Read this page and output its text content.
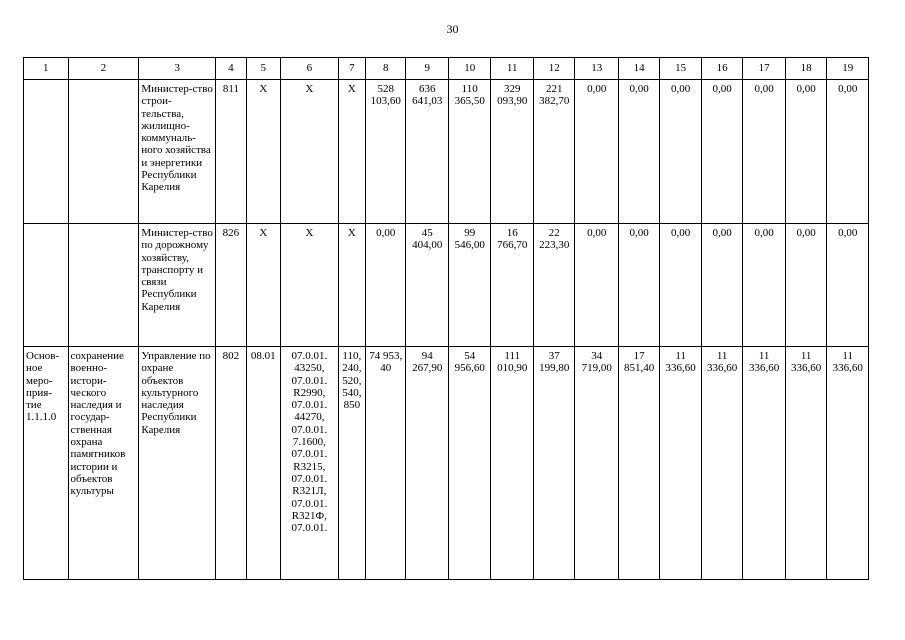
30
1	2	3	4	5	6	7	8	9	10	11	12	13	14	15	16	17	18	19
		Министер-ство строи-тельства, жилищно-коммуналь-ного хозяйства и энергетики Республики Карелия	811	X	X	X	528 103,60	636 641,03	110 365,50	329 093,90	221 382,70	0,00	0,00	0,00	0,00	0,00	0,00	0,00
		Министер-ство по дорожному хозяйству, транспорту и связи Республики Карелия	826	X	X	X	0,00	45 404,00	99 546,00	16 766,70	22 223,30	0,00	0,00	0,00	0,00	0,00	0,00	0,00
Основ-ное меро-прия-тие 1.1.1.0	сохранение военно-истори-ческого наследия и государ-ственная охрана памятников истории и объектов культуры	Управление по охране объектов культурного наследия Республики Карелия	802	08.01	07.0.01. 43250, 07.0.01. R2990, 07.0.01. 44270, 07.0.01. 7.1600, 07.0.01. R3215, 07.0.01. R321Л, 07.0.01. R321Ф, 07.0.01.	110, 240, 520, 540, 850	74 953, 40	94 267,90	54 956,60	111 010,90	37 199,80	34 719,00	17 851,40	11 336,60	11 336,60	11 336,60	11 336,60	11 336,60
